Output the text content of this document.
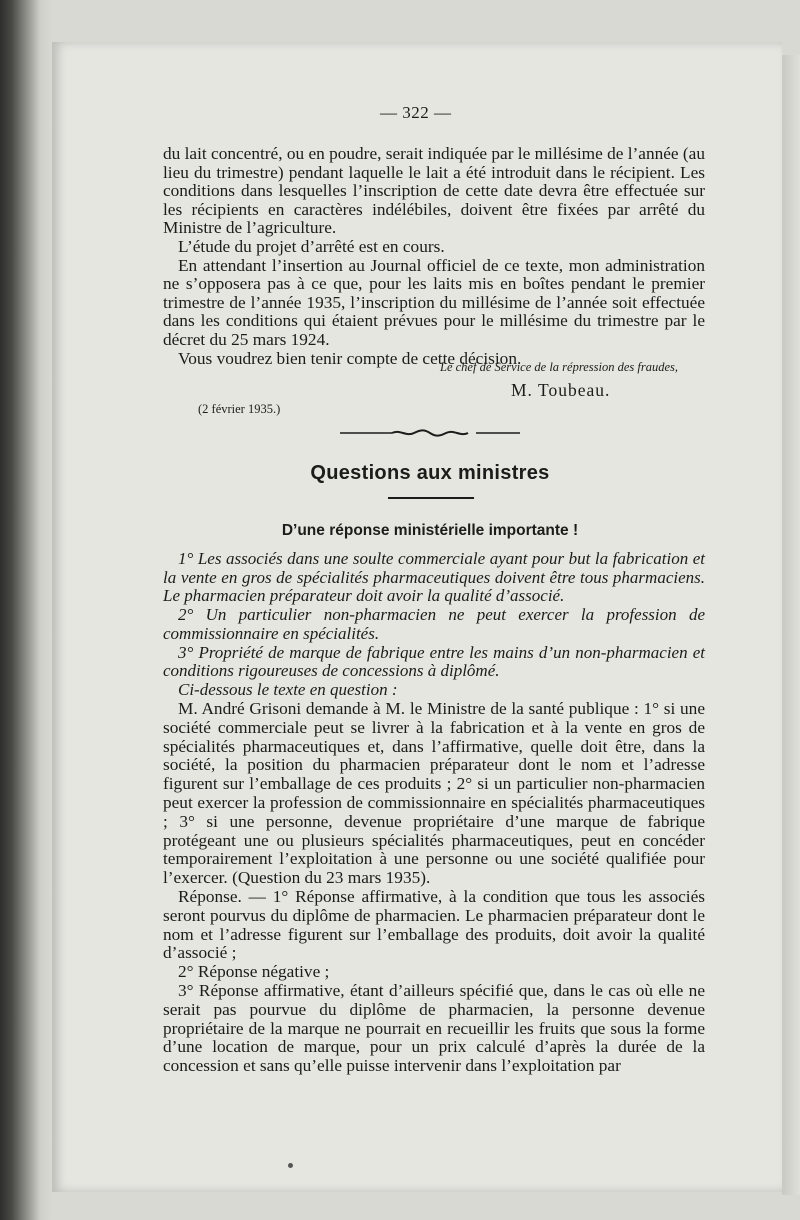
— 322 —

du lait concentré, ou en poudre, serait indiquée par le millésime de l’année (au lieu du trimestre) pendant laquelle le lait a été introduit dans le récipient. Les conditions dans lesquelles l’inscription de cette date devra être effectuée sur les récipients en caractères indélébiles, doivent être fixées par arrêté du Ministre de l’agriculture.

L’étude du projet d’arrêté est en cours.

En attendant l’insertion au Journal officiel de ce texte, mon administration ne s’opposera pas à ce que, pour les laits mis en boîtes pendant le premier trimestre de l’année 1935, l’inscription du millésime de l’année soit effectuée dans les conditions qui étaient prévues pour le millésime du trimestre par le décret du 25 mars 1924.

Vous voudrez bien tenir compte de cette décision.

Le chef de Service de la répression des fraudes,
M. Toubeau.
(2 février 1935.)
Questions aux ministres
D’une réponse ministérielle importante !

1° Les associés dans une soulte commerciale ayant pour but la fabrication et la vente en gros de spécialités pharmaceutiques doivent être tous pharmaciens. Le pharmacien préparateur doit avoir la qualité d’associé.

2° Un particulier non-pharmacien ne peut exercer la profession de commissionnaire en spécialités.

3° Propriété de marque de fabrique entre les mains d’un non-pharmacien et conditions rigoureuses de concessions à diplômé.

Ci-dessous le texte en question :

M. André Grisoni demande à M. le Ministre de la santé publique : 1° si une société commerciale peut se livrer à la fabrication et à la vente en gros de spécialités pharmaceutiques et, dans l’affirmative, quelle doit être, dans la société, la position du pharmacien préparateur dont le nom et l’adresse figurent sur l’emballage de ces produits ; 2° si un particulier non-pharmacien peut exercer la profession de commissionnaire en spécialités pharmaceutiques ; 3° si une personne, devenue propriétaire d’une marque de fabrique protégeant une ou plusieurs spécialités pharmaceutiques, peut en concéder temporairement l’exploitation à une personne ou une société qualifiée pour l’exercer. (Question du 23 mars 1935).

Réponse. — 1° Réponse affirmative, à la condition que tous les associés seront pourvus du diplôme de pharmacien. Le pharmacien préparateur dont le nom et l’adresse figurent sur l’emballage des produits, doit avoir la qualité d’associé ;

2° Réponse négative ;

3° Réponse affirmative, étant d’ailleurs spécifié que, dans le cas où elle ne serait pas pourvue du diplôme de pharmacien, la personne devenue propriétaire de la marque ne pourrait en recueillir les fruits que sous la forme d’une location de marque, pour un prix calculé d’après la durée de la concession et sans qu’elle puisse intervenir dans l’exploitation par
